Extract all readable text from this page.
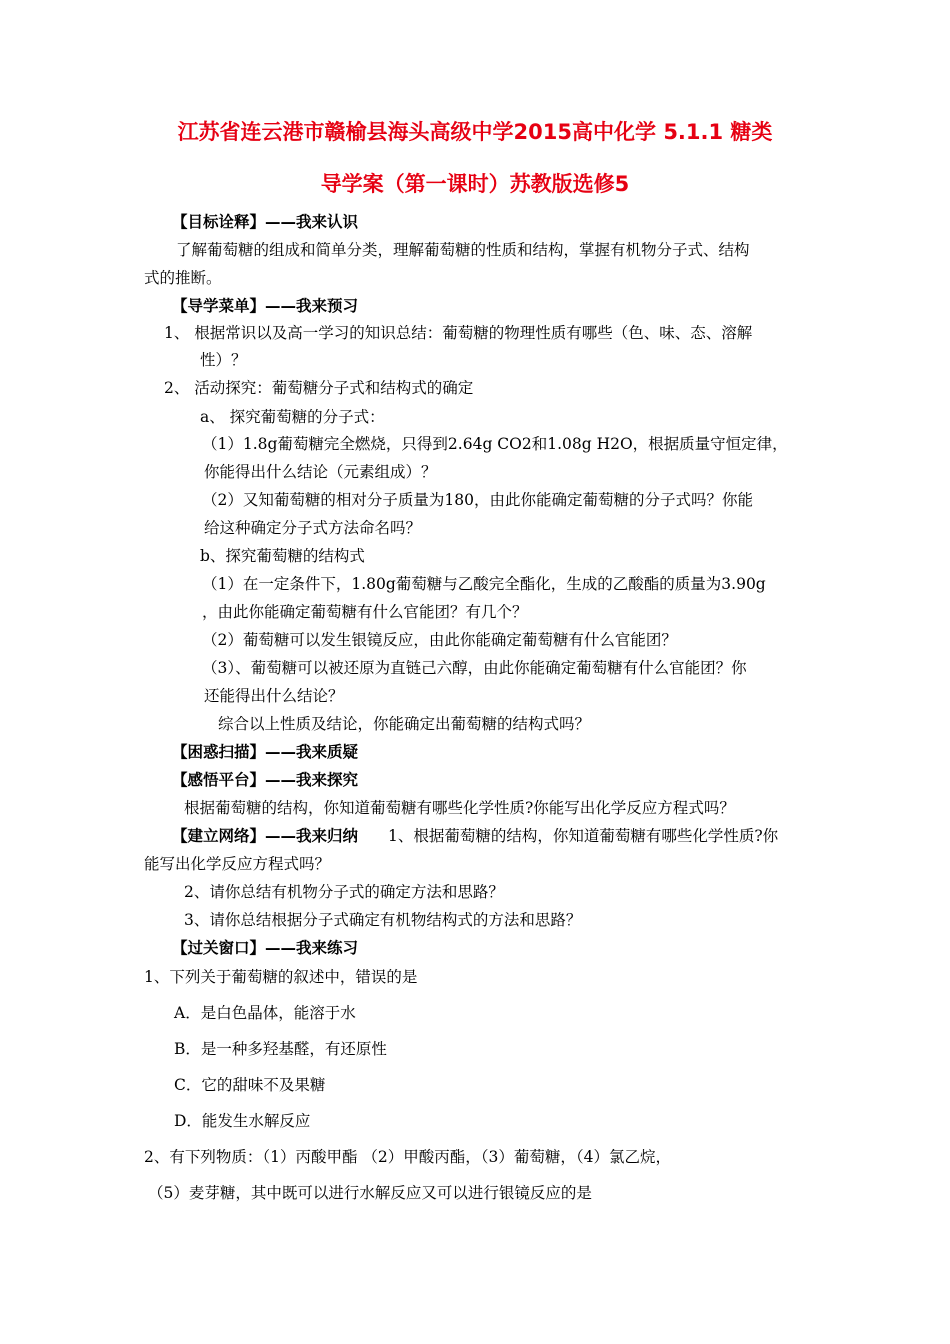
江苏省连云港市赣榆县海头高级中学2015高中化学 5.1.1 糖类
导学案（第一课时）苏教版选修5
【目标诠释】——我来认识
了解葡萄糖的组成和简单分类，理解葡萄糖的性质和结构，掌握有机物分子式、结构
式的推断。
【导学菜单】——我来预习
1、 根据常识以及高一学习的知识总结：葡萄糖的物理性质有哪些（色、味、态、溶解
性）？
2、 活动探究：葡萄糖分子式和结构式的确定
a、 探究葡萄糖的分子式：
（1）1.8g葡萄糖完全燃烧，只得到2.64g CO2和1.08g H2O，根据质量守恒定律，
你能得出什么结论（元素组成）？
（2）又知葡萄糖的相对分子质量为180，由此你能确定葡萄糖的分子式吗？你能
给这种确定分子式方法命名吗？
b、探究葡萄糖的结构式
（1）在一定条件下，1.80g葡萄糖与乙酸完全酯化，生成的乙酸酯的质量为3.90g
，由此你能确定葡萄糖有什么官能团？有几个？
（2）葡萄糖可以发生银镜反应，由此你能确定葡萄糖有什么官能团？
（3）、葡萄糖可以被还原为直链己六醇，由此你能确定葡萄糖有什么官能团？你
还能得出什么结论？
综合以上性质及结论，你能确定出葡萄糖的结构式吗？
【困惑扫描】——我来质疑
【感悟平台】——我来探究
根据葡萄糖的结构，你知道葡萄糖有哪些化学性质?你能写出化学反应方程式吗？
【建立网络】——我来归纳 1、根据葡萄糖的结构，你知道葡萄糖有哪些化学性质?你
能写出化学反应方程式吗？
2、请你总结有机物分子式的确定方法和思路？
3、请你总结根据分子式确定有机物结构式的方法和思路？
【过关窗口】——我来练习
1、下列关于葡萄糖的叙述中，错误的是
A．是白色晶体，能溶于水
B．是一种多羟基醛，有还原性
C．它的甜味不及果糖
D．能发生水解反应
2、有下列物质：（1）丙酸甲酯 （2）甲酸丙酯，（3）葡萄糖，（4）氯乙烷，
（5）麦芽糖，其中既可以进行水解反应又可以进行银镜反应的是
